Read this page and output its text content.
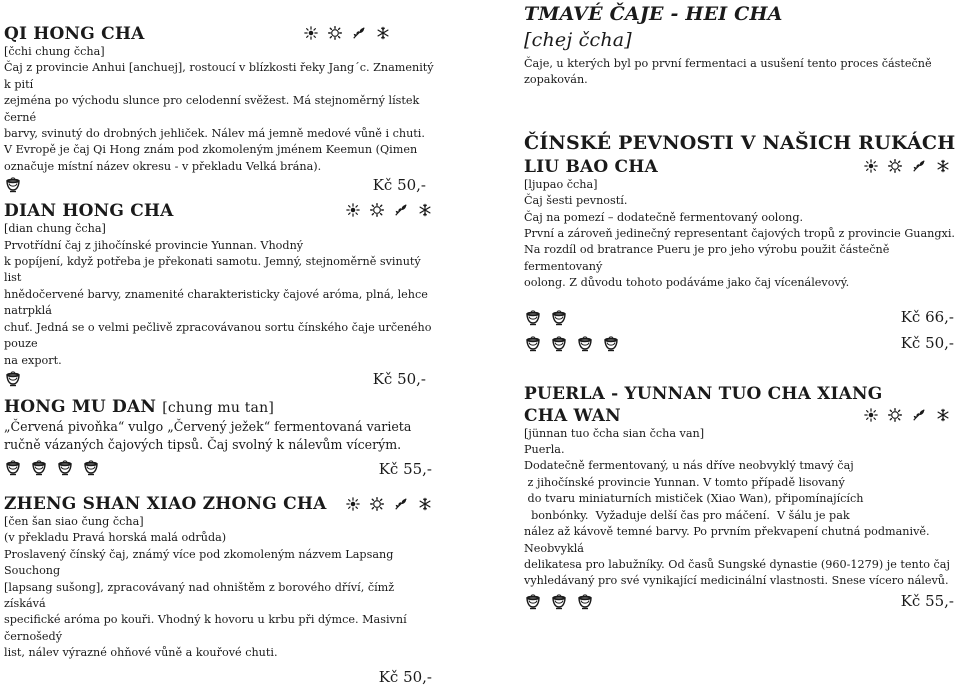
QI HONG CHA

[čchi chung čcha]

Čaj z provincie Anhui [anchuej], rostoucí v blízkosti řeky Jang´c. Znamenitý k pití

zejména po východu slunce pro celodenní svěžest. Má stejnoměrný lístek černé

barvy, svinutý do drobných jehliček. Nálev má jemně medové vůně i chuti.

V Evropě je čaj Qi Hong znám pod zkomoleným jménem Keemun (Qimen

označuje místní název okresu - v překladu Velká brána).

Kč 50,-
DIAN HONG CHA

[dian chung čcha]

Prvotřídní čaj z jihočínské provincie Yunnan. Vhodný

k popíjení, když potřeba je překonati samotu. Jemný, stejnoměrně svinutý list

hnědočervené barvy, znamenité charakteristicky čajové aróma, plná, lehce natrpklá

chuť. Jedná se o velmi pečlivě zpracovávanou sortu čínského čaje určeného pouze

na export.

Kč 50,-
HONG MU DAN [chung mu tan]

„Červená pivoňka“ vulgo „Červený ježek“ fermentovaná varieta

ručně vázaných čajových tipsů. Čaj svolný k nálevům vícerým.

Kč 55,-
ZHENG SHAN XIAO ZHONG CHA

[čen šan siao čung čcha]

(v překladu Pravá horská malá odrůda)

Proslavený čínský čaj, známý více pod zkomoleným názvem Lapsang Souchong

[lapsang sušong], zpracovávaný nad ohništěm z borového dříví, čímž získává

specifické aróma po kouři. Vhodný k hovoru u krbu při dýmce. Masivní černošedý

list, nálev výrazné ohňové vůně a kouřové chuti.

Kč 50,-
TMAVÉ ČAJE - HEI CHA
[chej čcha]

Čaje, u kterých byl po první fermentaci a usušení tento proces částečně zopakován.

ČÍNSKÉ PEVNOSTI V NAŠICH RUKÁCH
LIU BAO CHA

[ljupao čcha]

Čaj šesti pevností.

Čaj na pomezí – dodatečně fermentovaný oolong.

První a zároveň jedinečný representant čajových tropů z provincie Guangxi.

Na rozdíl od bratrance Pueru je pro jeho výrobu použit částečně fermentovaný

oolong. Z důvodu tohoto podáváme jako čaj vícenálevový.

Kč 66,-
Kč 50,-
PUERLA - YUNNAN TUO CHA XIANG
CHA WAN

[jünnan tuo čcha sian čcha van]

Puerla.

Dodatečně fermentovaný, u nás dříve neobvyklý tmavý čaj

z jihočínské provincie Yunnan. V tomto případě lisovaný

do tvaru miniaturních mističek (Xiao Wan), připomínajících

bonbónky.  Vyžaduje delší čas pro máčení.  V šálu je pak

nález až kávově temné barvy. Po prvním překvapení chutná podmanivě. Neobvyklá

delikatesa pro labužníky. Od časů Sungské dynastie (960-1279) je tento čaj

vyhledávaný pro své vynikající medicinální vlastnosti. Snese vícero nálevů.

Kč 55,-
